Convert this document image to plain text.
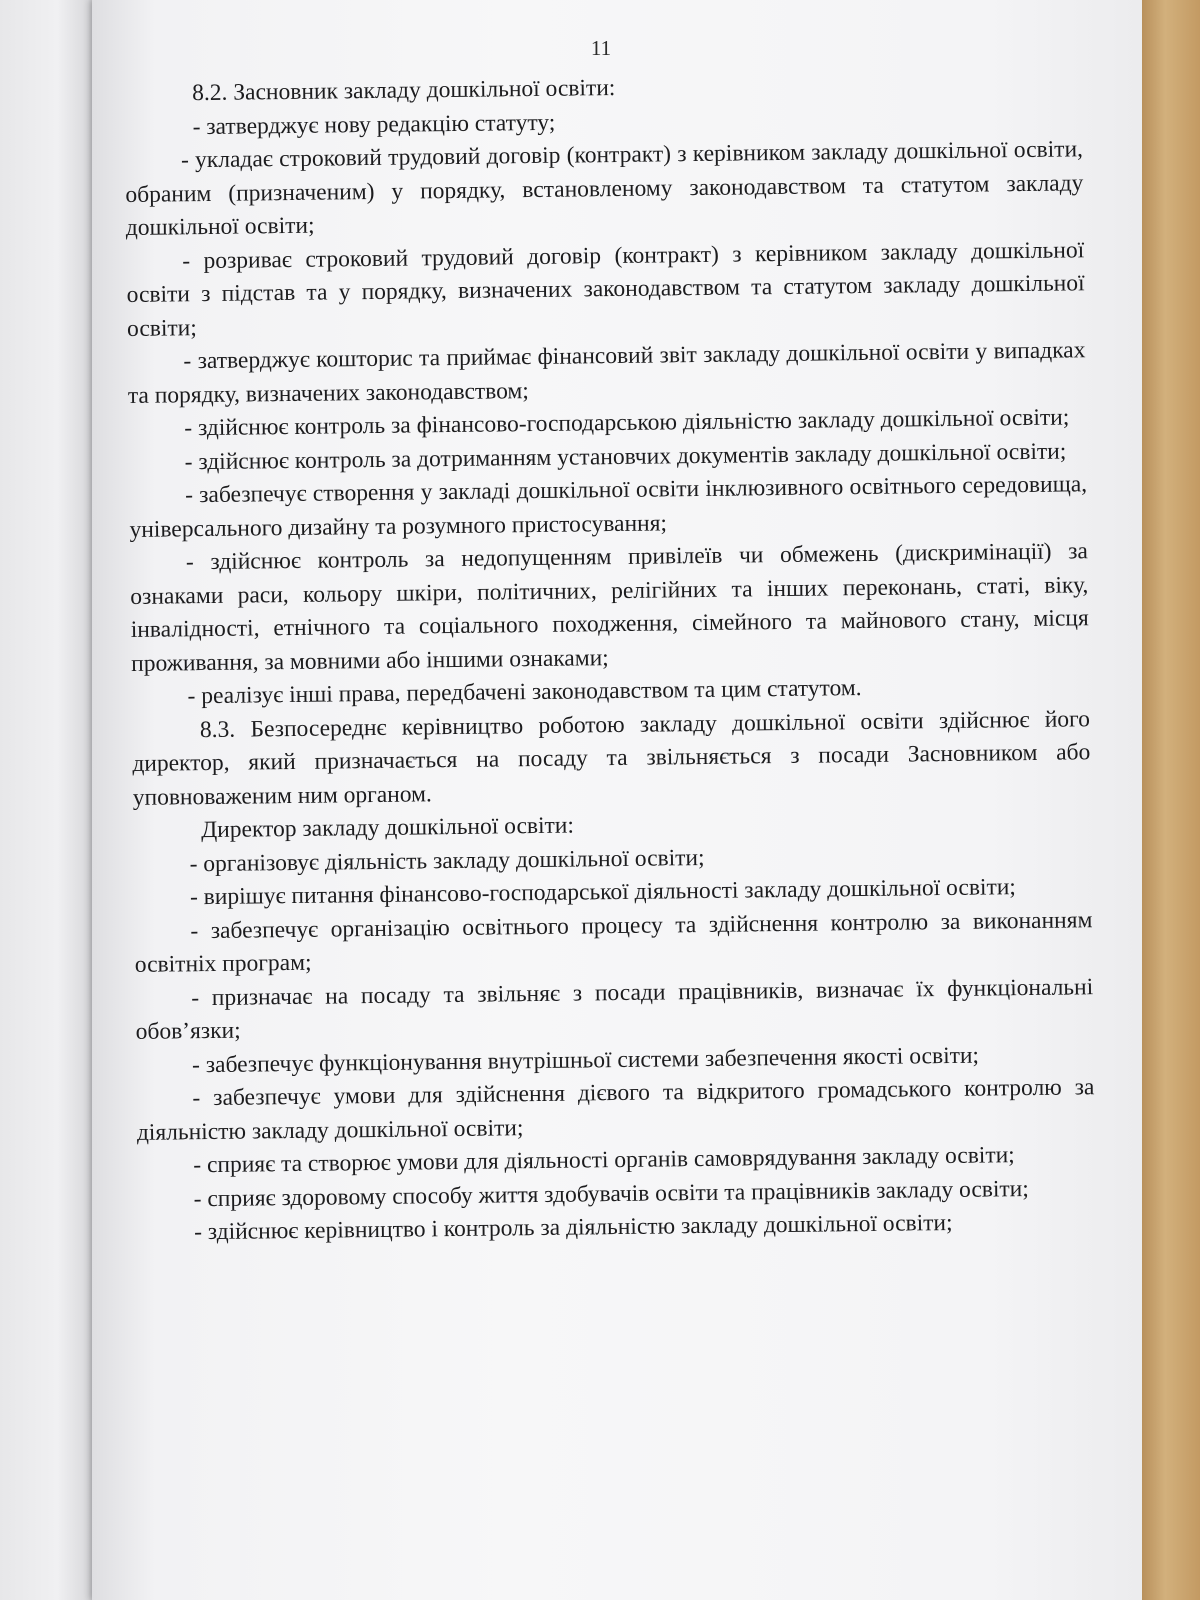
11

8.2. Засновник закладу дошкільної освіти:

- затверджує нову редакцію статуту;

- укладає строковий трудовий договір (контракт) з керівником закладу дошкільної освіти, обраним (призначеним) у порядку, встановленому законодавством та статутом закладу дошкільної освіти;

- розриває строковий трудовий договір (контракт) з керівником закладу дошкільної освіти з підстав та у порядку, визначених законодавством та статутом закладу дошкільної освіти;

- затверджує кошторис та приймає фінансовий звіт закладу дошкільної освіти у випадках та порядку, визначених законодавством;

- здійснює контроль за фінансово-господарською діяльністю закладу дошкільної освіти;

- здійснює контроль за дотриманням установчих документів закладу дошкільної освіти;

- забезпечує створення у закладі дошкільної освіти інклюзивного освітнього середовища, універсального дизайну та розумного пристосування;

- здійснює контроль за недопущенням привілеїв чи обмежень (дискримінації) за ознаками раси, кольору шкіри, політичних, релігійних та інших переконань, статі, віку, інвалідності, етнічного та соціального походження, сімейного та майнового стану, місця проживання, за мовними або іншими ознаками;

- реалізує інші права, передбачені законодавством та цим статутом.

8.3. Безпосереднє керівництво роботою закладу дошкільної освіти здійснює його директор, який призначається на посаду та звільняється з посади Засновником або уповноваженим ним органом.

Директор закладу дошкільної освіти:

- організовує діяльність закладу дошкільної освіти;

- вирішує питання фінансово-господарської діяльності закладу дошкільної освіти;

- забезпечує організацію освітнього процесу та здійснення контролю за виконанням освітніх програм;

- призначає на посаду та звільняє з посади працівників, визначає їх функціональні обов’язки;

- забезпечує функціонування внутрішньої системи забезпечення якості освіти;

- забезпечує умови для здійснення дієвого та відкритого громадського контролю за діяльністю закладу дошкільної освіти;

- сприяє та створює умови для діяльності органів самоврядування закладу освіти;

- сприяє здоровому способу життя здобувачів освіти та працівників закладу освіти;

- здійснює керівництво і контроль за діяльністю закладу дошкільної освіти;
